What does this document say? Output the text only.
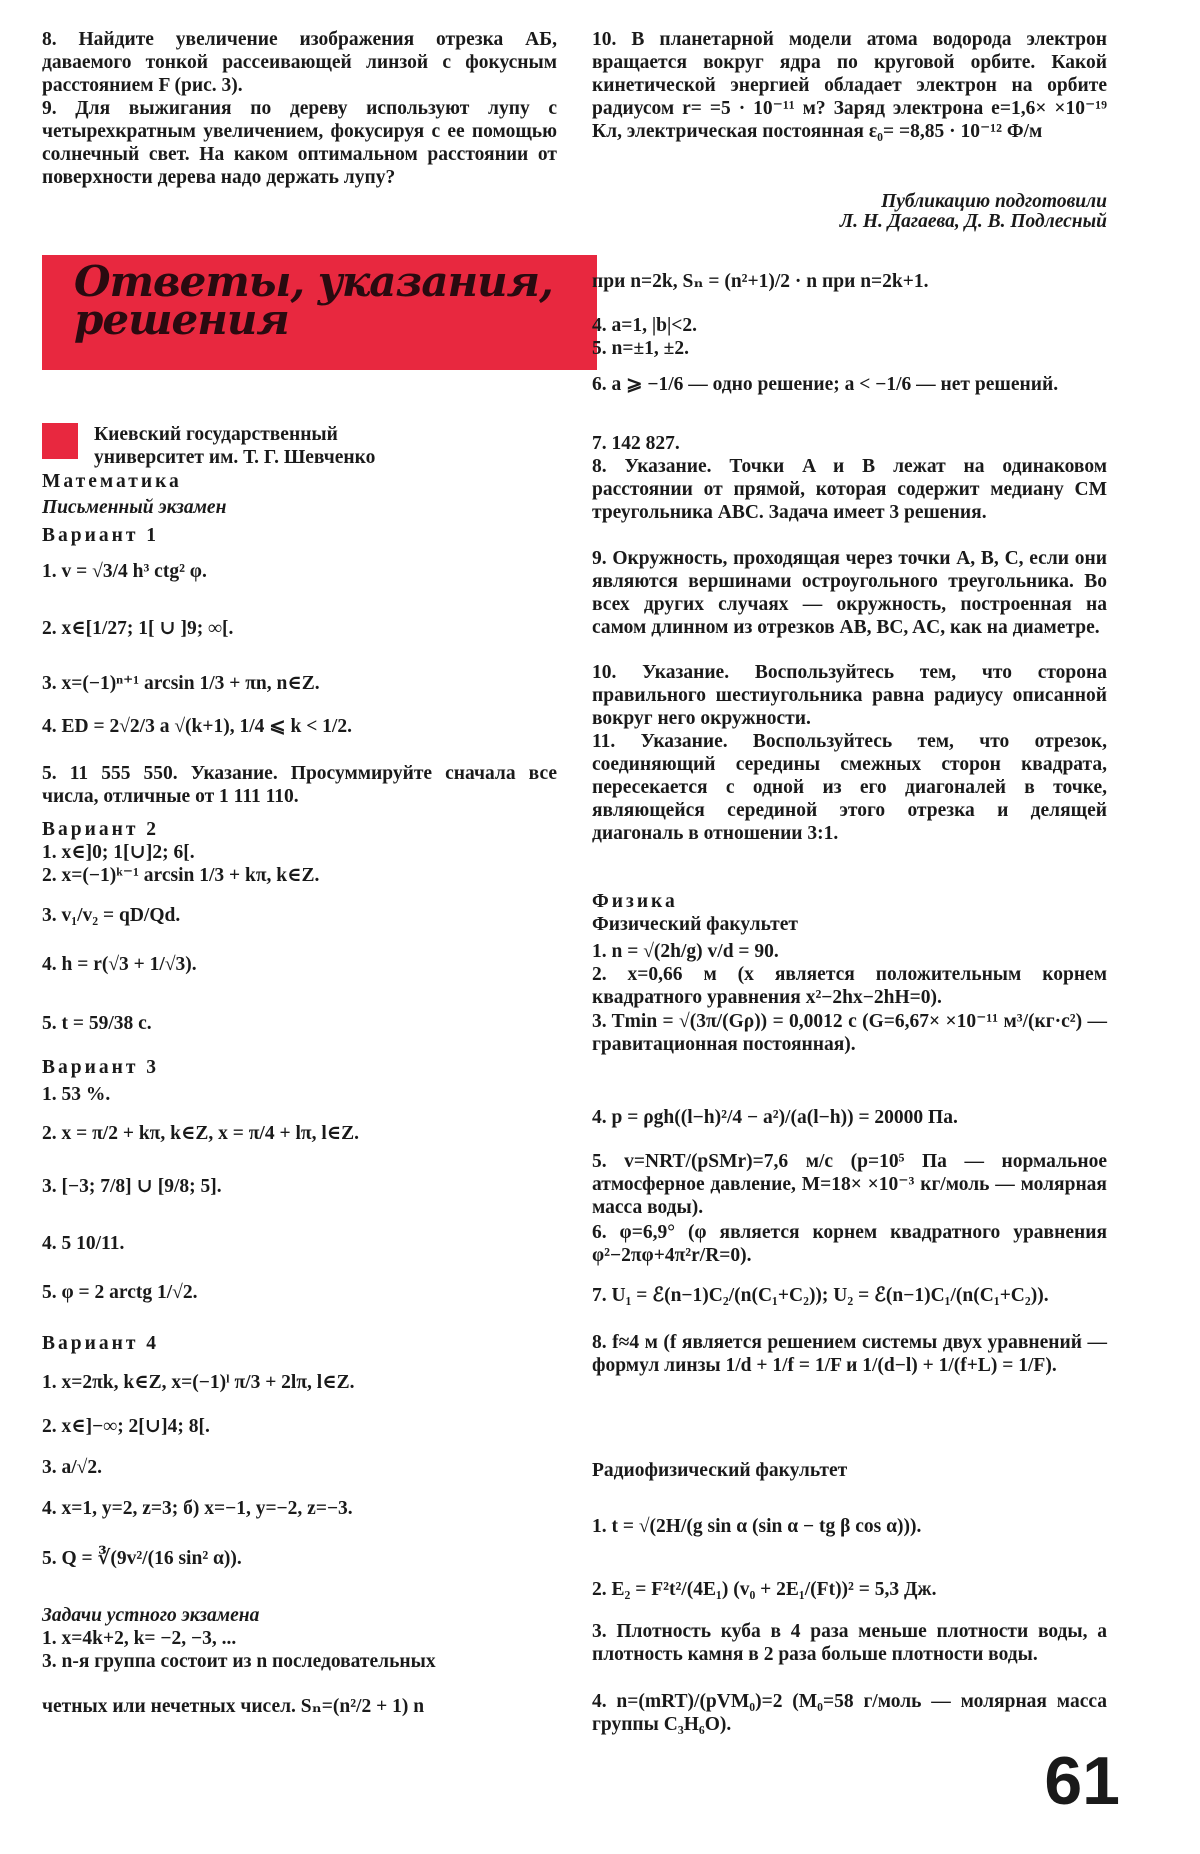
8. Найдите увеличение изображения отрезка АБ, даваемого тонкой рассеивающей линзой с фокусным расстоянием F (рис. 3).

9. Для выжигания по дереву используют лупу с четырехкратным увеличением, фокусируя с ее помощью солнечный свет. На каком оптимальном расстоянии от поверхности дерева надо держать лупу?

Ответы, указания, решения

Киевский государственный

университет им. Т. Г. Шевченко

Математика

Письменный экзамен

Вариант 1

1. v = √3/4 h³ ctg² φ.

2. x∈[1/27; 1[ ∪ ]9; ∞[.

3. x=(−1)ⁿ⁺¹ arcsin 1/3 + πn, n∈Z.

4. ED = 2√2/3 a √(k+1), 1/4 ⩽ k < 1/2.

5. 11 555 550. Указание. Просуммируйте сначала все числа, отличные от 1 111 110.

Вариант 2

1. x∈]0; 1[∪]2; 6[.

2. x=(−1)ᵏ⁻¹ arcsin 1/3 + kπ, k∈Z.

3. v₁/v₂ = qD/Qd.

4. h = r(√3 + 1/√3).

5. t = 59/38 c.

Вариант 3

1. 53 %.

2. x = π/2 + kπ, k∈Z, x = π/4 + lπ, l∈Z.

3. [−3; 7/8] ∪ [9/8; 5].

4. 5 10/11.

5. φ = 2 arctg 1/√2.

Вариант 4

1. x=2πk, k∈Z, x=(−1)ˡ π/3 + 2lπ, l∈Z.

2. x∈]−∞; 2[∪]4; 8[.

3. a/√2.

4. x=1, y=2, z=3; б) x=−1, y=−2, z=−3.

5. Q = ∛(9v²/(16 sin² α)).

Задачи устного экзамена

1. x=4k+2, k= −2, −3, ...

3. n-я группа состоит из n последовательных

четных или нечетных чисел. Sₙ=(n²/2 + 1) n

10. В планетарной модели атома водорода электрон вращается вокруг ядра по круговой орбите. Какой кинетической энергией обладает электрон на орбите радиусом r= =5 · 10⁻¹¹ м? Заряд электрона e=1,6× ×10⁻¹⁹ Кл, электрическая постоянная ε₀= =8,85 · 10⁻¹² Ф/м

Публикацию подготовили

Л. Н. Дагаева, Д. В. Подлесный

при n=2k, Sₙ = (n²+1)/2 · n при n=2k+1.

4. a=1, |b|<2.

5. n=±1, ±2.

6. a ⩾ −1/6 — одно решение; a < −1/6 — нет решений.

7. 142 827.

8. Указание. Точки A и B лежат на одинаковом расстоянии от прямой, которая содержит медиану CM треугольника ABC. Задача имеет 3 решения.

9. Окружность, проходящая через точки A, B, C, если они являются вершинами остроугольного треугольника. Во всех других случаях — окружность, построенная на самом длинном из отрезков AB, BC, AC, как на диаметре.

10. Указание. Воспользуйтесь тем, что сторона правильного шестиугольника равна радиусу описанной вокруг него окружности.

11. Указание. Воспользуйтесь тем, что отрезок, соединяющий середины смежных сторон квадрата, пересекается с одной из его диагоналей в точке, являющейся серединой этого отрезка и делящей диагональ в отношении 3:1.

Физика

Физический факультет

1. n = √(2h/g) v/d = 90.

2. x=0,66 м (x является положительным корнем квадратного уравнения x²−2hx−2hH=0).

3. Tmin = √(3π/(Gρ)) = 0,0012 с (G=6,67× ×10⁻¹¹ м³/(кг·с²) — гравитационная постоянная).

4. p = ρgh((l−h)²/4 − a²)/(a(l−h)) = 20000 Па.

5. v=NRT/(pSMr)=7,6 м/с (p=10⁵ Па — нормальное атмосферное давление, M=18× ×10⁻³ кг/моль — молярная масса воды).

6. φ=6,9° (φ является корнем квадратного уравнения φ²−2πφ+4π²r/R=0).

7. U₁ = ℰ(n−1)C₂/(n(C₁+C₂)); U₂ = ℰ(n−1)C₁/(n(C₁+C₂)).

8. f≈4 м (f является решением системы двух уравнений — формул линзы 1/d + 1/f = 1/F и 1/(d−l) + 1/(f+L) = 1/F).

Радиофизический факультет

1. t = √(2H/(g sin α (sin α − tg β cos α))).

2. E₂ = F²t²/(4E₁) (v₀ + 2E₁/(Ft))² = 5,3 Дж.

3. Плотность куба в 4 раза меньше плотности воды, а плотность камня в 2 раза больше плотности воды.

4. n=(mRT)/(pVM₀)=2 (M₀=58 г/моль — молярная масса группы C₃H₆O).

61
